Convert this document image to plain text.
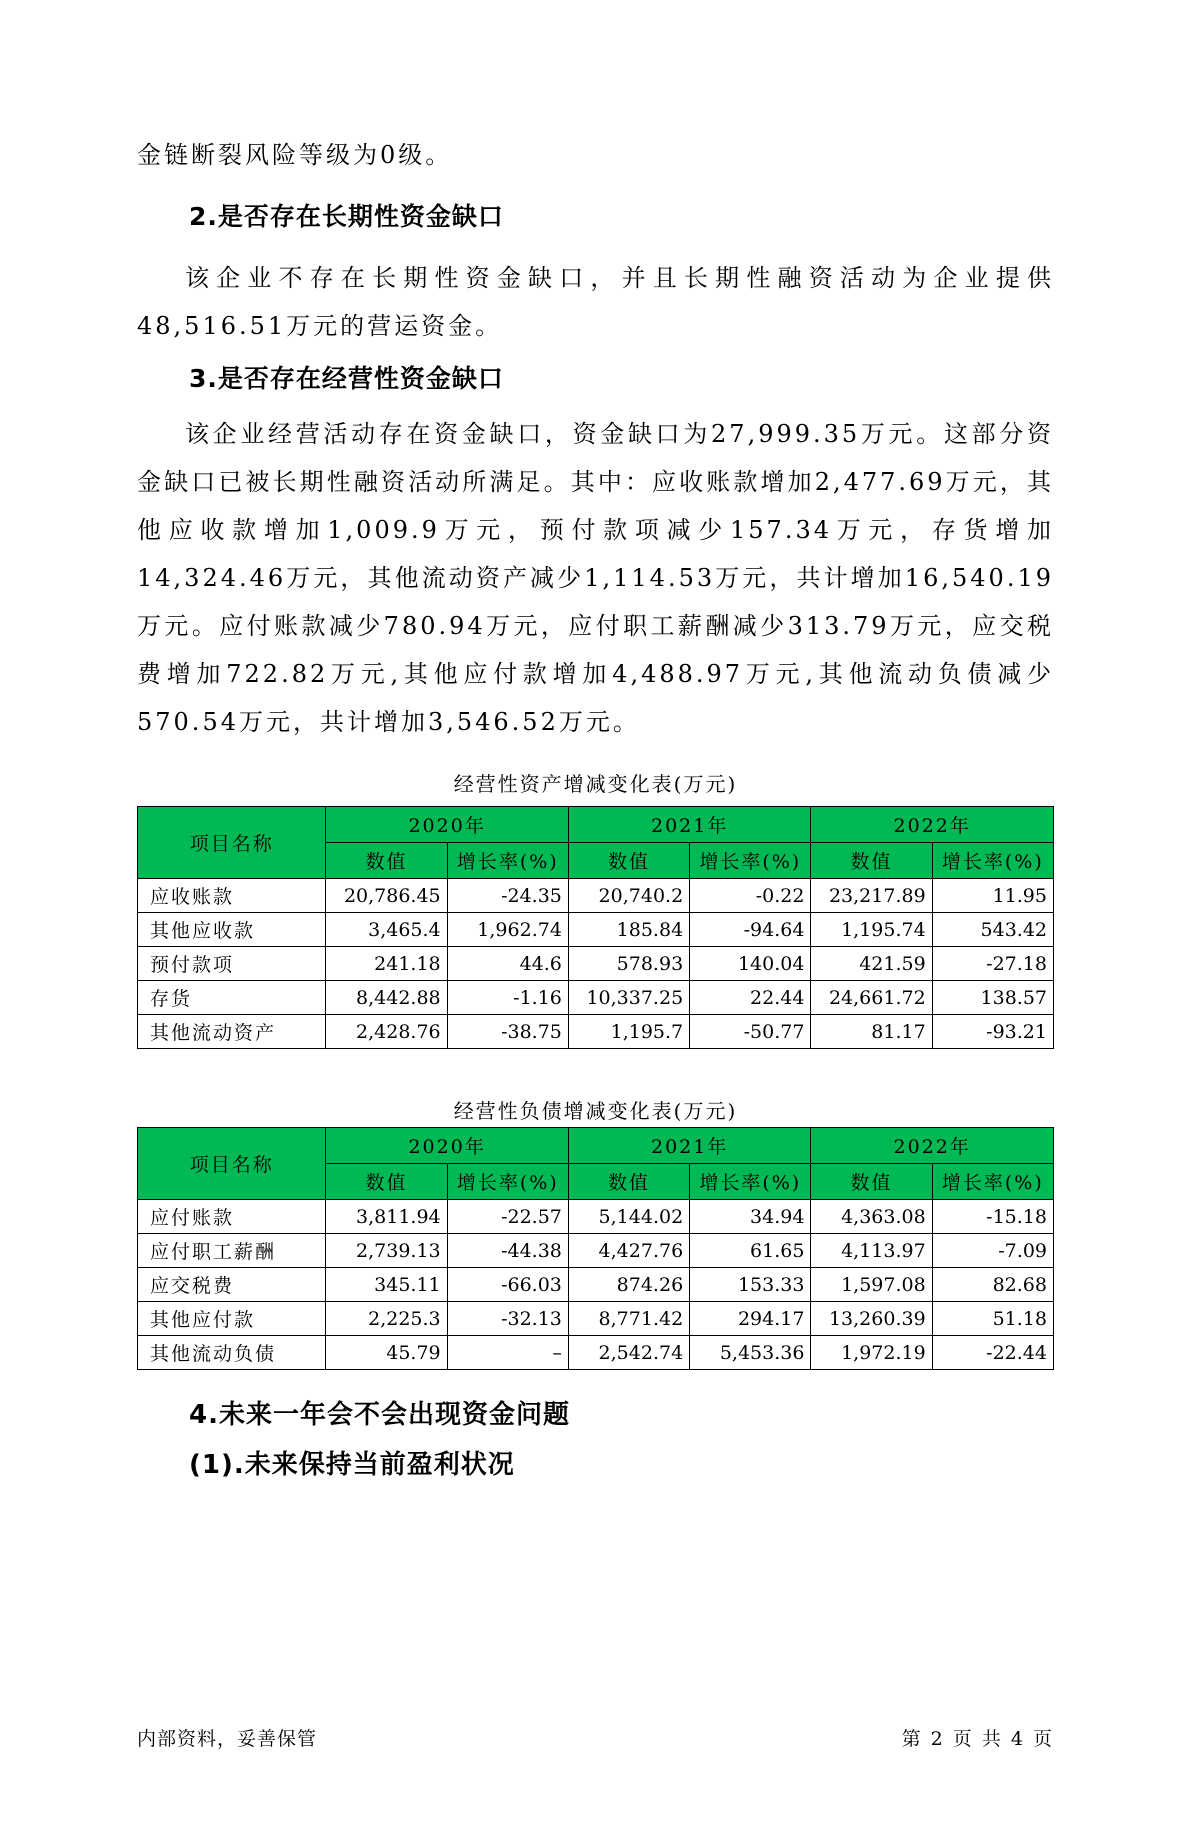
金链断裂风险等级为0级。

2.是否存在长期性资金缺口

该企业不存在长期性资金缺口，并且长期性融资活动为企业提供48,516.51万元的营运资金。

3.是否存在经营性资金缺口

该企业经营活动存在资金缺口，资金缺口为27,999.35万元。这部分资金缺口已被长期性融资活动所满足。其中：应收账款增加2,477.69万元，其他应收款增加1,009.9万元，预付款项减少157.34万元，存货增加14,324.46万元，其他流动资产减少1,114.53万元，共计增加16,540.19万元。应付账款减少780.94万元，应付职工薪酬减少313.79万元，应交税费增加722.82万元,其他应付款增加4,488.97万元,其他流动负债减少570.54万元，共计增加3,546.52万元。

经营性资产增减变化表(万元)
项目名称	2020年		2021年		2022年	
	数值	增长率(%)	数值	增长率(%)	数值	增长率(%)
应收账款	20,786.45	-24.35	20,740.2	-0.22	23,217.89	11.95
其他应收款	3,465.4	1,962.74	185.84	-94.64	1,195.74	543.42
预付款项	241.18	44.6	578.93	140.04	421.59	-27.18
存货	8,442.88	-1.16	10,337.25	22.44	24,661.72	138.57
其他流动资产	2,428.76	-38.75	1,195.7	-50.77	81.17	-93.21
经营性负债增减变化表(万元)
项目名称	2020年		2021年		2022年	
	数值	增长率(%)	数值	增长率(%)	数值	增长率(%)
应付账款	3,811.94	-22.57	5,144.02	34.94	4,363.08	-15.18
应付职工薪酬	2,739.13	-44.38	4,427.76	61.65	4,113.97	-7.09
应交税费	345.11	-66.03	874.26	153.33	1,597.08	82.68
其他应付款	2,225.3	-32.13	8,771.42	294.17	13,260.39	51.18
其他流动负债	45.79	–	2,542.74	5,453.36	1,972.19	-22.44
4.未来一年会不会出现资金问题
(1).未来保持当前盈利状况
内部资料，妥善保管	第 2 页 共 4 页
